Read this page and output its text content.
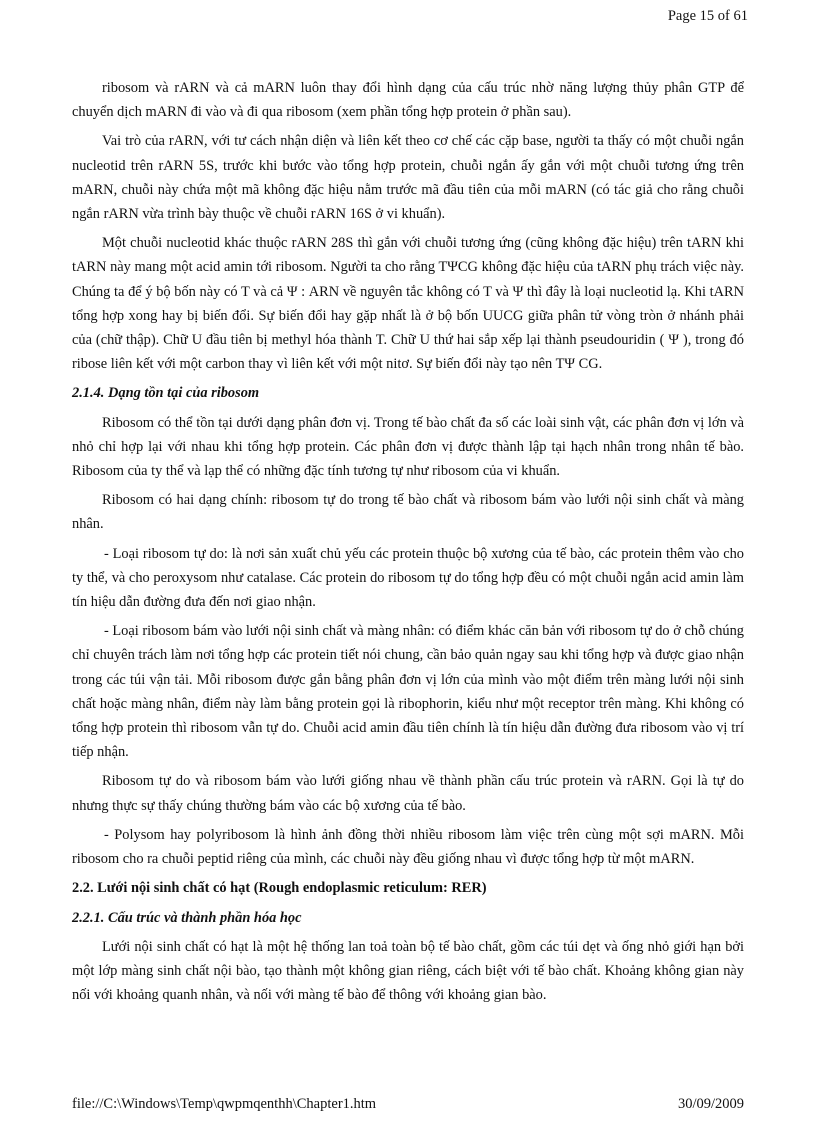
Page 15 of 61

ribosom và rARN và cả mARN luôn thay đổi hình dạng của cấu trúc nhờ năng lượng thủy phân GTP để chuyển dịch mARN đi vào và đi qua ribosom (xem phần tổng hợp protein ở phần sau).

Vai trò của rARN, với tư cách nhận diện và liên kết theo cơ chế các cặp base, người ta thấy có một chuỗi ngắn nucleotid trên rARN 5S, trước khi bước vào tổng hợp protein, chuỗi ngắn ấy gắn với một chuỗi tương ứng trên mARN, chuỗi này chứa một mã không đặc hiệu nằm trước mã đầu tiên của mỗi mARN (có tác giả cho rằng chuỗi ngắn rARN vừa trình bày thuộc về chuỗi rARN 16S ở vi khuẩn).

Một chuỗi nucleotid khác thuộc rARN 28S thì gắn với chuỗi tương ứng (cũng không đặc hiệu) trên tARN khi tARN này mang một acid amin tới ribosom. Người ta cho rằng TΨCG không đặc hiệu của tARN phụ trách việc này. Chúng ta để ý bộ bốn này có T và cả Ψ : ARN về nguyên tắc không có T và Ψ thì đây là loại nucleotid lạ. Khi tARN tổng hợp xong hay bị biến đổi. Sự biến đổi hay gặp nhất là ở bộ bốn UUCG giữa phân tử vòng tròn ở nhánh phải của (chữ thập). Chữ U đầu tiên bị methyl hóa thành T. Chữ U thứ hai sắp xếp lại thành pseudouridin ( Ψ ), trong đó ribose liên kết với một carbon thay vì liên kết với một nitơ. Sự biến đổi này tạo nên TΨ CG.

2.1.4. Dạng tồn tại của ribosom

Ribosom có thể tồn tại dưới dạng phân đơn vị. Trong tế bào chất đa số các loài sinh vật, các phân đơn vị lớn và nhỏ chỉ hợp lại với nhau khi tổng hợp protein. Các phân đơn vị được thành lập tại hạch nhân trong nhân tế bào. Ribosom của ty thể và lạp thể có những đặc tính tương tự như ribosom của vi khuẩn.

Ribosom có hai dạng chính: ribosom tự do trong tế bào chất và ribosom bám vào lưới nội sinh chất và màng nhân.

- Loại ribosom tự do: là nơi sản xuất chủ yếu các protein thuộc bộ xương của tế bào, các protein thêm vào cho ty thể, và cho peroxysom như catalase. Các protein do ribosom tự do tổng hợp đều có một chuỗi ngắn acid amin làm tín hiệu dẫn đường đưa đến nơi giao nhận.

- Loại ribosom bám vào lưới nội sinh chất và màng nhân: có điểm khác căn bản với ribosom tự do ở chỗ chúng chỉ chuyên trách làm nơi tổng hợp các protein tiết nói chung, cần bảo quản ngay sau khi tổng hợp và được giao nhận trong các túi vận tải. Mỗi ribosom được gắn bằng phân đơn vị lớn của mình vào một điểm trên màng lưới nội sinh chất hoặc màng nhân, điểm này làm bằng protein gọi là ribophorin, kiểu như một receptor trên màng. Khi không có tổng hợp protein thì ribosom vẫn tự do. Chuỗi acid amin đầu tiên chính là tín hiệu dẫn đường đưa ribosom vào vị trí tiếp nhận.

Ribosom tự do và ribosom bám vào lưới giống nhau về thành phần cấu trúc protein và rARN. Gọi là tự do nhưng thực sự thấy chúng thường bám vào các bộ xương của tế bào.

- Polysom hay polyribosom là hình ảnh đồng thời nhiều ribosom làm việc trên cùng một sợi mARN. Mỗi ribosom cho ra chuỗi peptid riêng của mình, các chuỗi này đều giống nhau vì được tổng hợp từ một mARN.

2.2. Lưới nội sinh chất có hạt (Rough endoplasmic reticulum: RER)
2.2.1. Cấu trúc và thành phần hóa học

Lưới nội sinh chất có hạt là một hệ thống lan toả toàn bộ tế bào chất, gồm các túi dẹt và ống nhỏ giới hạn bởi một lớp màng sinh chất nội bào, tạo thành một không gian riêng, cách biệt với tế bào chất. Khoảng không gian này nối với khoảng quanh nhân, và nối với màng tế bào để thông với khoảng gian bào.

file://C:\Windows\Temp\qwpmqenthh\Chapter1.htm	30/09/2009
